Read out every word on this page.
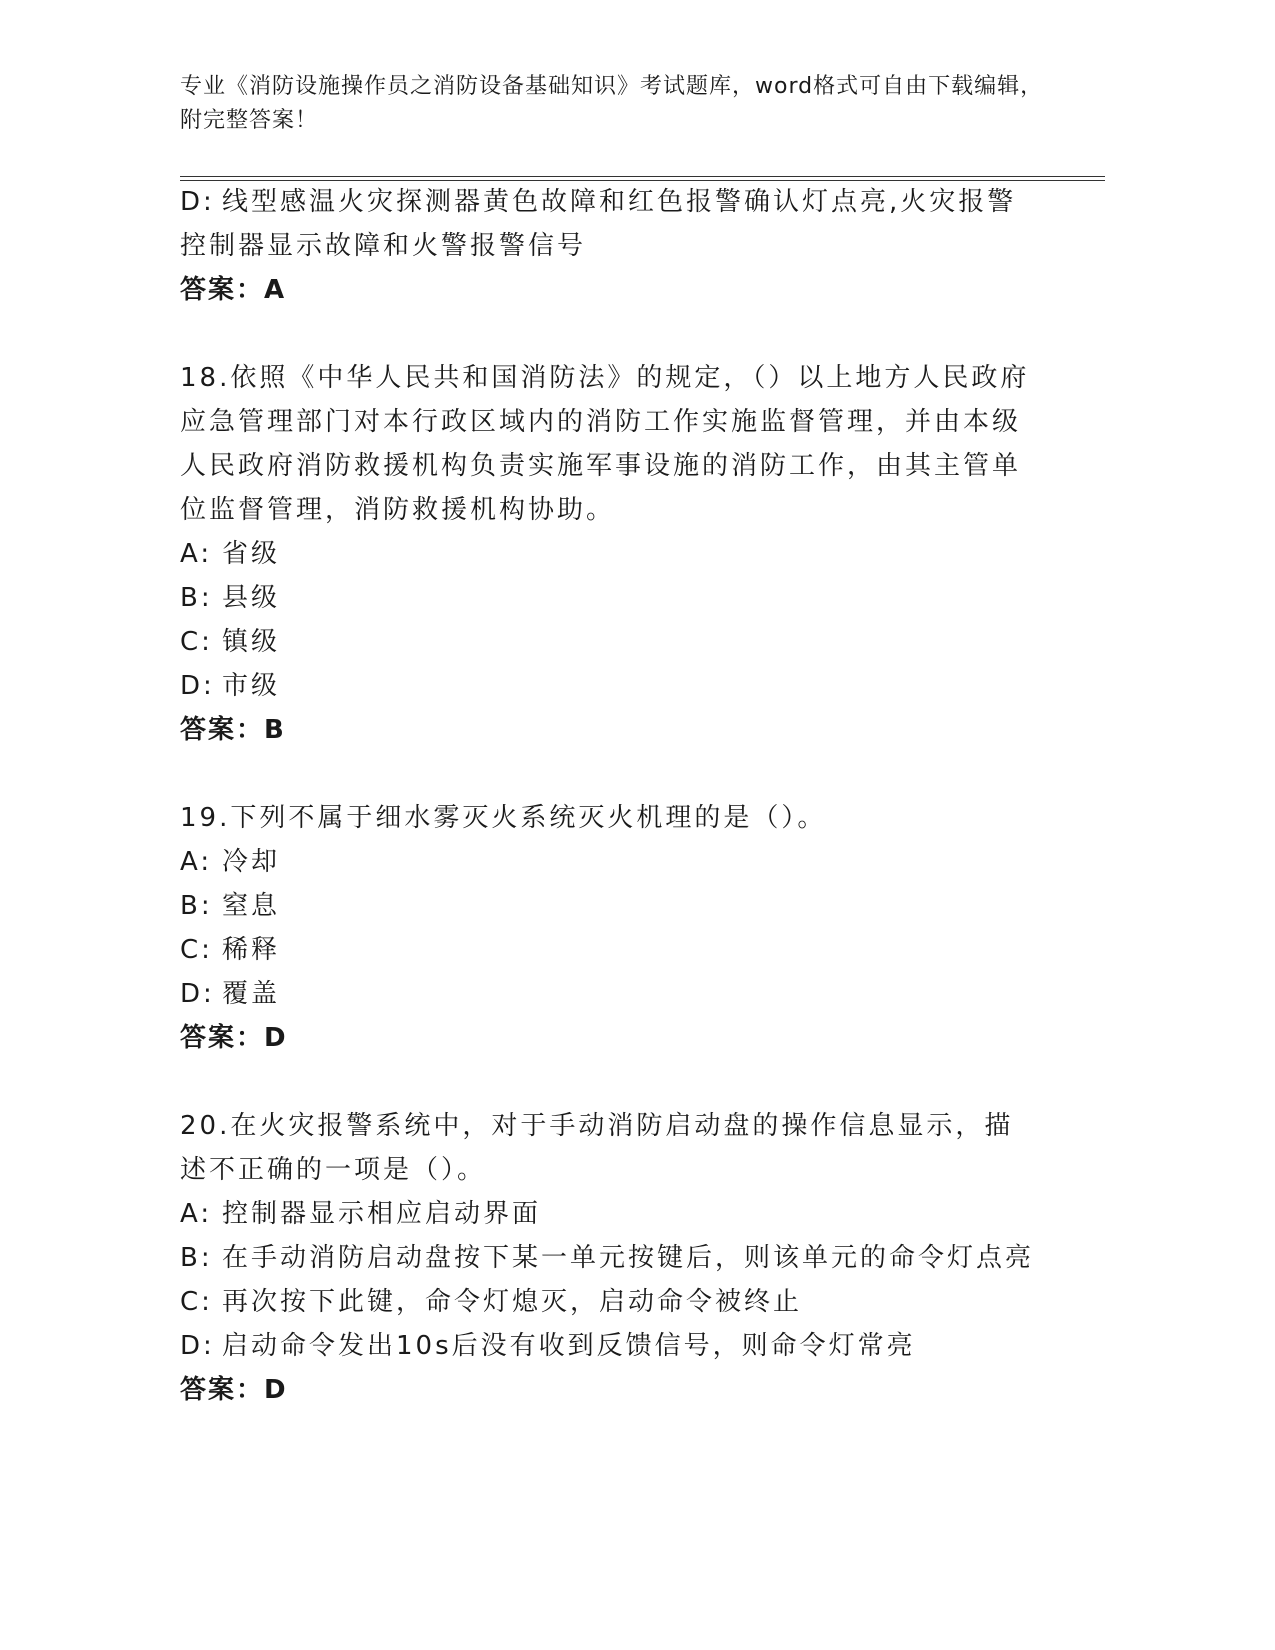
专业《消防设施操作员之消防设备基础知识》考试题库，word格式可自由下载编辑，附完整答案！
D: 线型感温火灾探测器黄色故障和红色报警确认灯点亮,火灾报警控制器显示故障和火警报警信号
答案：A
18.依照《中华人民共和国消防法》的规定，（）以上地方人民政府应急管理部门对本行政区域内的消防工作实施监督管理，并由本级人民政府消防救援机构负责实施军事设施的消防工作，由其主管单位监督管理，消防救援机构协助。
A: 省级
B: 县级
C: 镇级
D: 市级
答案：B
19.下列不属于细水雾灭火系统灭火机理的是（）。
A: 冷却
B: 窒息
C: 稀释
D: 覆盖
答案：D
20.在火灾报警系统中，对于手动消防启动盘的操作信息显示，描述不正确的一项是（）。
A: 控制器显示相应启动界面
B: 在手动消防启动盘按下某一单元按键后，则该单元的命令灯点亮
C: 再次按下此键，命令灯熄灭，启动命令被终止
D: 启动命令发出10s后没有收到反馈信号，则命令灯常亮
答案：D
